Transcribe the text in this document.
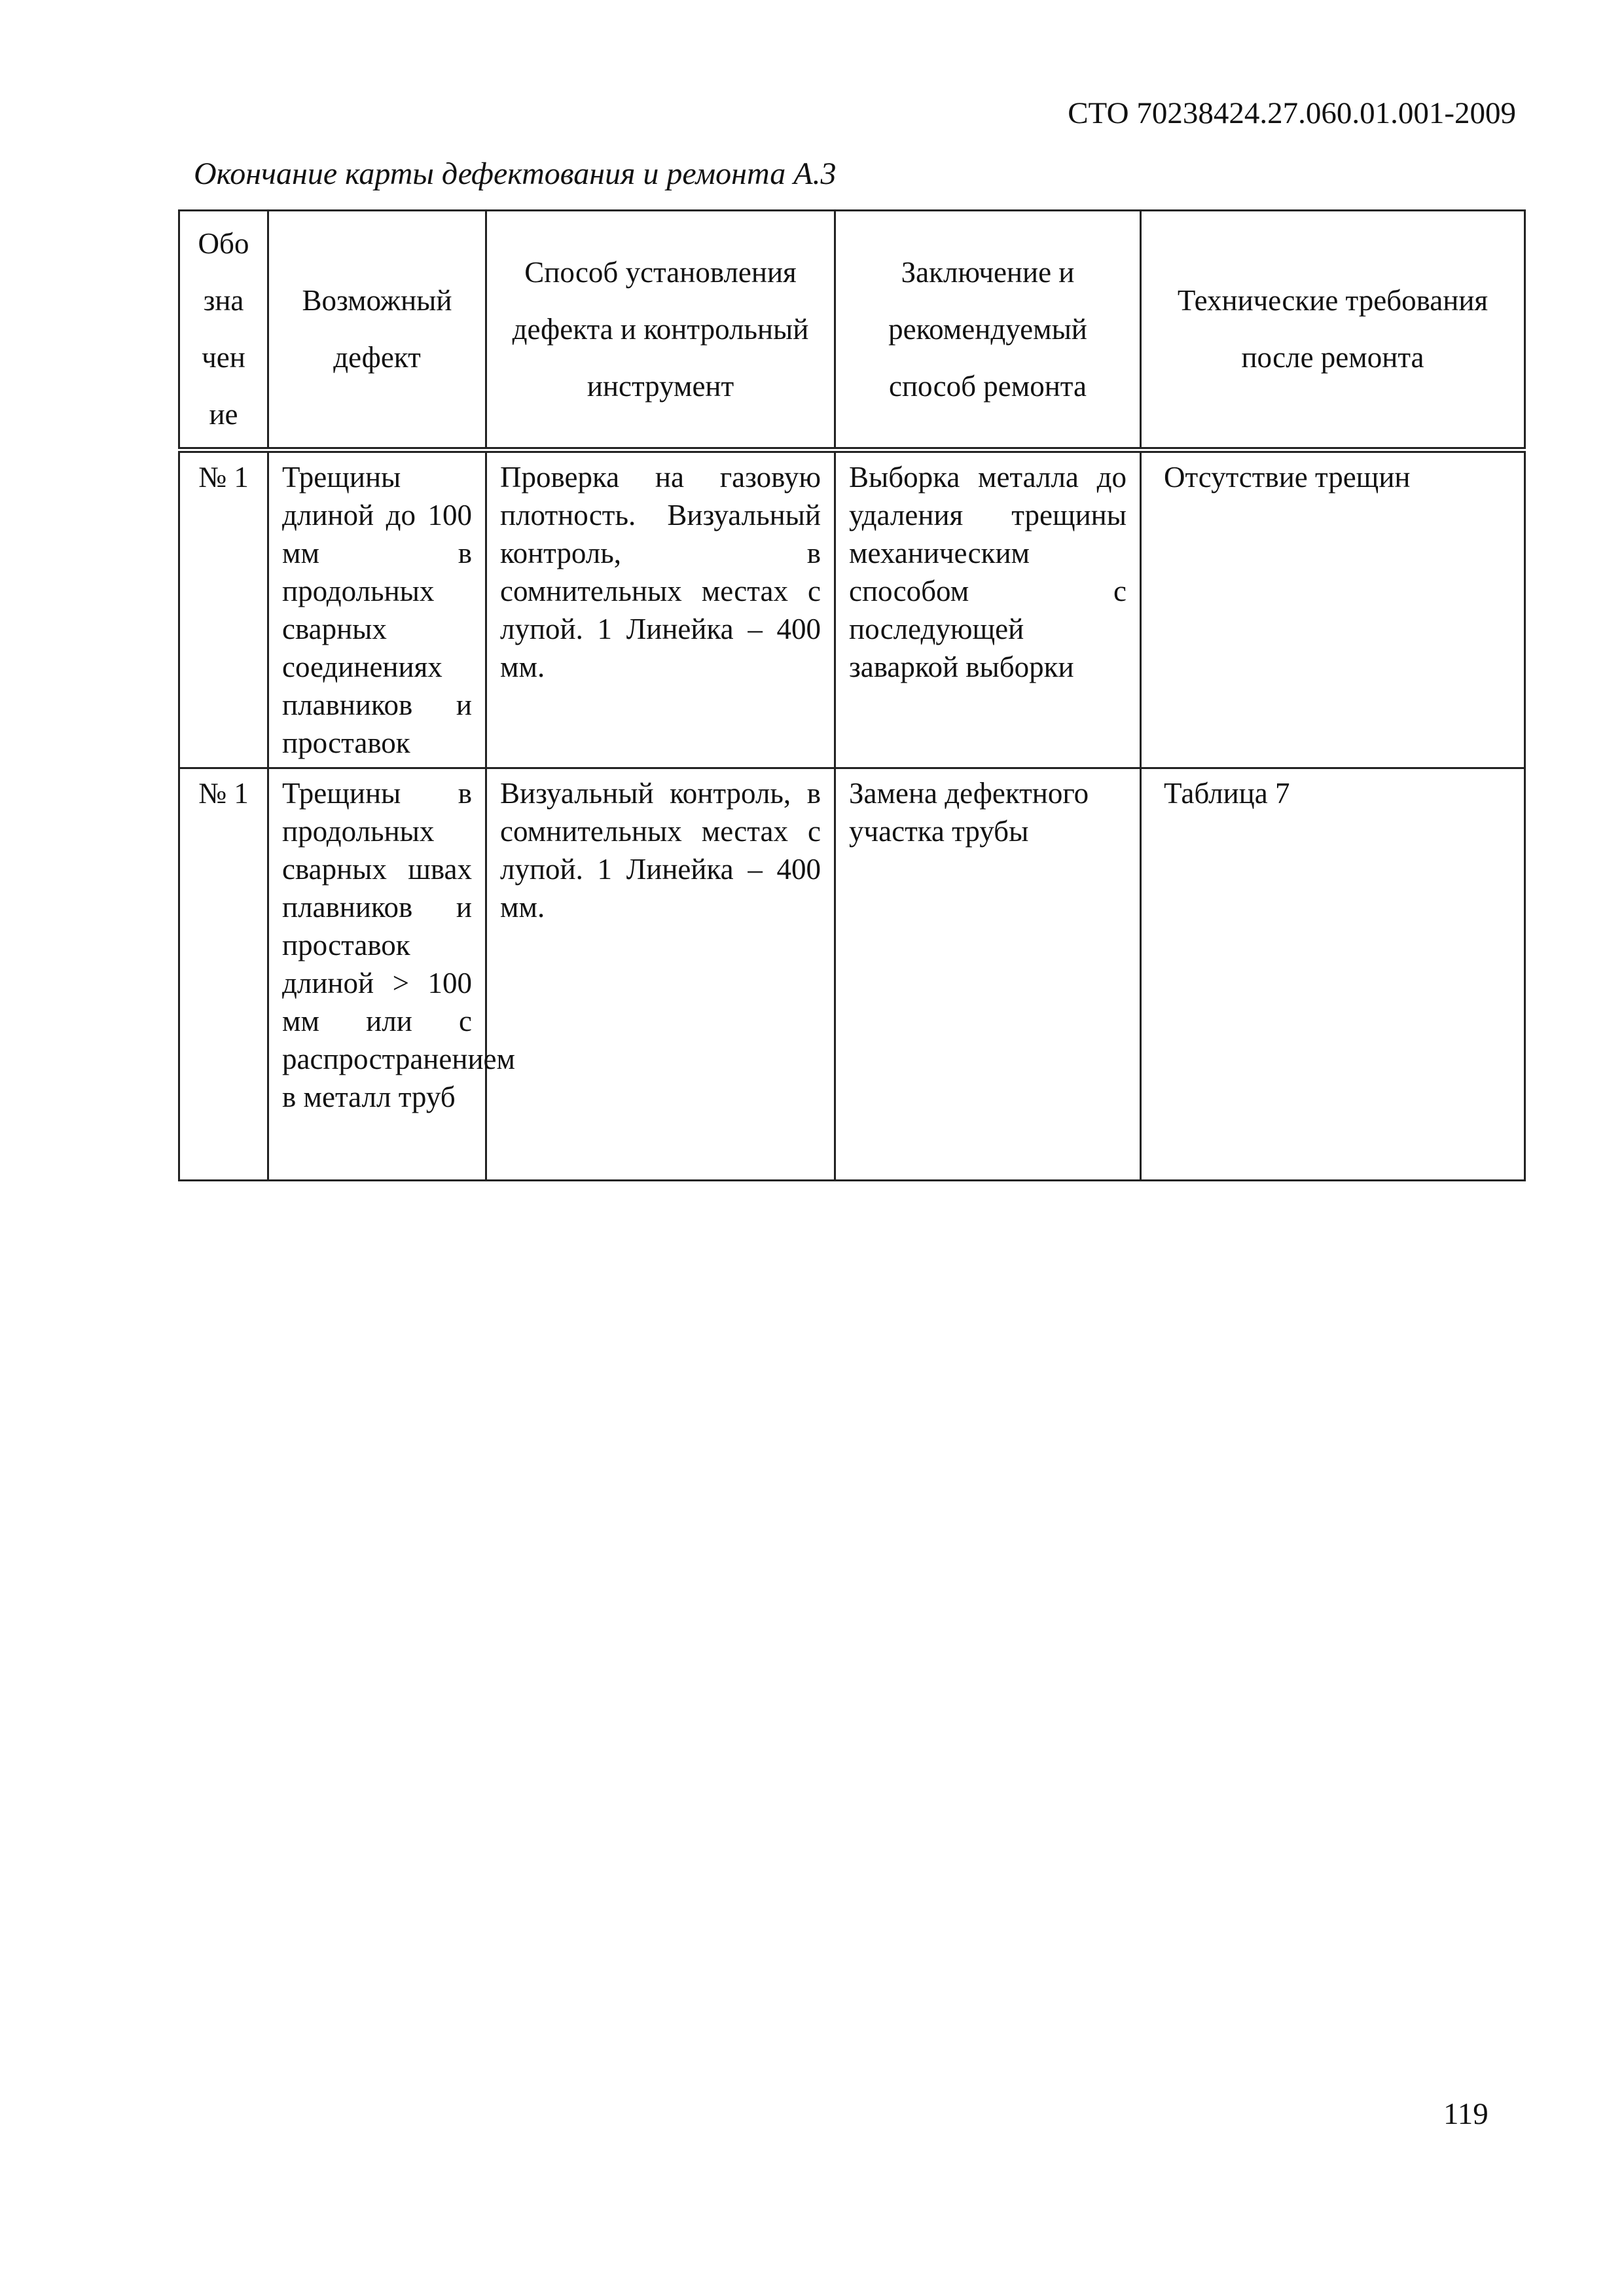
СТО 70238424.27.060.01.001-2009
Окончание карты дефектования и ремонта А.3
Обо зна чен ие	Возможный дефект	Способ установления дефекта и контрольный инструмент	Заключение и рекомендуемый способ ремонта	Технические требования после ремонта
№ 1	Трещины длиной до 100 мм в продольных сварных соединениях плавников и проставок	Проверка на газовую плотность. Визуальный контроль, в сомнительных местах с лупой. 1 Линейка – 400 мм.	Выборка металла до удаления трещины механическим способом с последующей заваркой выборки	Отсутствие трещин
№ 1	Трещины в продольных сварных швах плавников и проставок длиной > 100 мм или с распространением в металл труб	Визуальный контроль, в сомнительных местах с лупой. 1 Линейка – 400 мм.	Замена дефектного участка трубы	Таблица 7
119
